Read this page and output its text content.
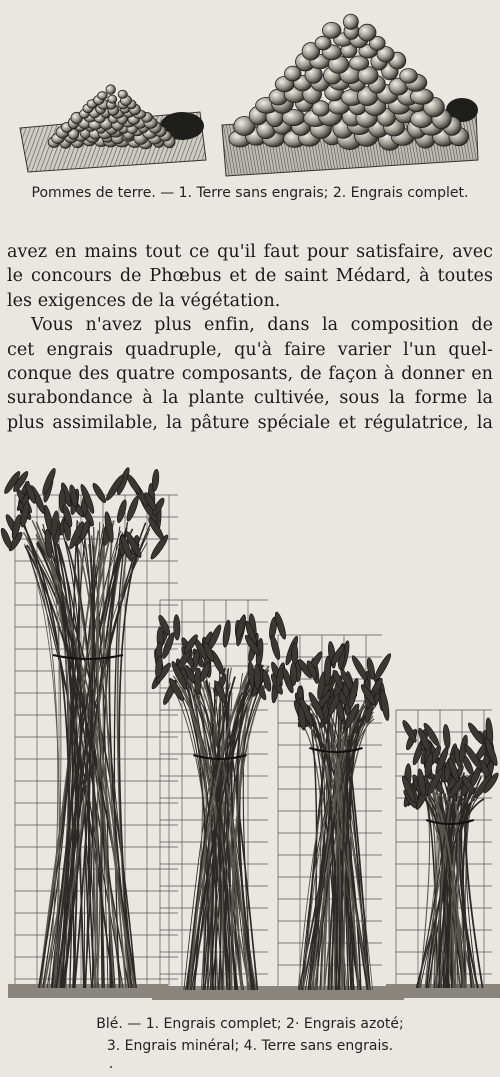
Pommes de terre. — 1. Terre sans engrais; 2. Engrais complet.
avez en mains tout ce qu'il faut pour satisfaire, avec
le concours de Phœbus et de saint Médard, à toutes
les exigences de la végétation.
Vous n'avez plus enfin, dans la composition de
cet engrais quadruple, qu'à faire varier l'un quel-
conque des quatre composants, de façon à donner en
surabondance à la plante cultivée, sous la forme la
plus assimilable, la pâture spéciale et régulatrice, la
Blé. — 1. Engrais complet; 2· Engrais azoté;
3. Engrais minéral; 4. Terre sans engrais.
